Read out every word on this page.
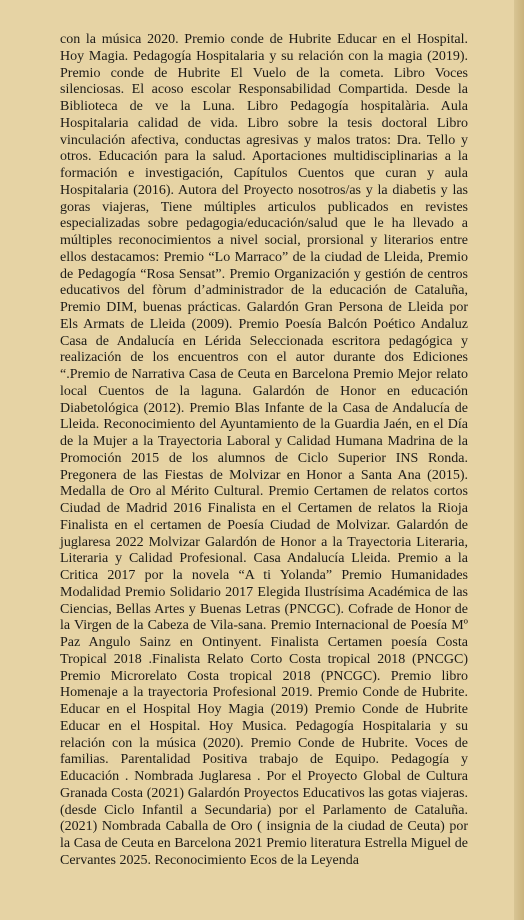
con la música 2020. Premio conde de Hubrite Educar en el Hospital. Hoy Magia. Pedagogía Hospitalaria y su relación con la magia (2019). Premio conde de Hubrite El Vuelo de la cometa. Libro Voces silenciosas. El acoso escolar Responsabilidad Compartida. Desde la Biblioteca de ve la Luna. Libro Pedagogía hospitalària. Aula Hospitalaria calidad de vida. Libro sobre la tesis doctoral Libro vinculación afectiva, conductas agresivas y malos tratos: Dra. Tello y otros. Educación para la salud. Aportaciones multidisciplinarias a la formación e investigación, Capítulos Cuentos que curan y aula Hospitalaria (2016). Autora del Proyecto nosotros/as y la diabetis y las goras viajeras, Tiene múltiples articulos publicados en revistes especializadas sobre pedagogia/educación/salud que le ha llevado a múltiples reconocimientos a nivel social, prorsional y literarios entre ellos destacamos: Premio “Lo Marraco” de la ciudad de Lleida, Premio de Pedagogía “Rosa Sensat”. Premio Organización y gestión de centros educativos del fòrum d’administrador de la educación de Cataluña, Premio DIM, buenas prácticas. Galardón Gran Persona de Lleida por Els Armats de Lleida (2009). Premio Poesía Balcón Poético Andaluz Casa de Andalucía en Lérida Seleccionada escritora pedagógica y realización de los encuentros con el autor durante dos Ediciones “.Premio de Narrativa Casa de Ceuta en Barcelona Premio Mejor relato local Cuentos de la laguna. Galardón de Honor en educación Diabetológica (2012). Premio Blas Infante de la Casa de Andalucía de Lleida. Reconocimiento del Ayuntamiento de la Guardia Jaén, en el Día de la Mujer a la Trayectoria Laboral y Calidad Humana Madrina de la Promoción 2015 de los alumnos de Ciclo Superior INS Ronda. Pregonera de las Fiestas de Molvizar en Honor a Santa Ana (2015). Medalla de Oro al Mérito Cultural. Premio Certamen de relatos cortos Ciudad de Madrid 2016 Finalista en el Certamen de relatos la Rioja Finalista en el certamen de Poesía Ciudad de Molvizar. Galardón de juglaresa 2022 Molvizar Galardón de Honor a la Trayectoria Literaria, Literaria y Calidad Profesional. Casa Andalucía Lleida. Premio a la Critica 2017 por la novela “A ti Yolanda” Premio Humanidades Modalidad Premio Solidario 2017 Elegida Ilustrísima Académica de las Ciencias, Bellas Artes y Buenas Letras (PNCGC). Cofrade de Honor de la Virgen de la Cabeza de Vila-sana. Premio Internacional de Poesía Mº Paz Angulo Sainz en Ontinyent. Finalista Certamen poesía Costa Tropical 2018 .Finalista Relato Corto Costa tropical 2018 (PNCGC) Premio Microrelato Costa tropical 2018 (PNCGC). Premio libro Homenaje a la trayectoria Profesional 2019. Premio Conde de Hubrite. Educar en el Hospital Hoy Magia (2019) Premio Conde de Hubrite Educar en el Hospital. Hoy Musica. Pedagogía Hospitalaria y su relación con la música (2020). Premio Conde de Hubrite. Voces de familias. Parentalidad Positiva trabajo de Equipo. Pedagogía y Educación . Nombrada Juglaresa . Por el Proyecto Global de Cultura Granada Costa (2021) Galardón Proyectos Educativos las gotas viajeras. (desde Ciclo Infantil a Secundaria) por el Parlamento de Cataluña. (2021) Nombrada Caballa de Oro ( insignia de la ciudad de Ceuta) por la Casa de Ceuta en Barcelona 2021 Premio literatura Estrella Miguel de Cervantes 2025. Reconocimiento Ecos de la Leyenda
